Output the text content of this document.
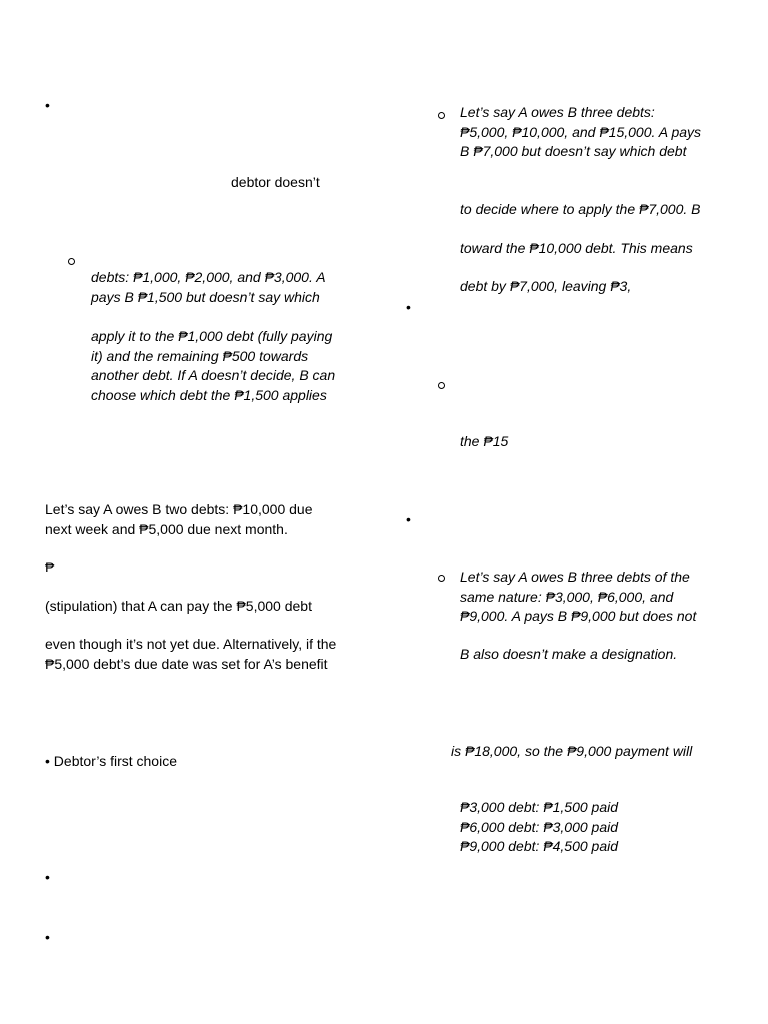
•
debtor doesn’t
debts: ₱1,000, ₱2,000, and ₱3,000. A
pays B ₱1,500 but doesn’t say which
apply it to the ₱1,000 debt (fully paying
it) and the remaining ₱500 towards
another debt. If A doesn’t decide, B can
choose which debt the ₱1,500 applies
Let’s say A owes B two debts: ₱10,000 due
next week and ₱5,000 due next month.
₱
(stipulation) that A can pay the ₱5,000 debt
even though it’s not yet due. Alternatively, if the
₱5,000 debt’s due date was set for A’s benefit
• Debtor’s first choice
•
•
Let’s say A owes B three debts:
₱5,000, ₱10,000, and ₱15,000. A pays
B ₱7,000 but doesn’t say which debt
to decide where to apply the ₱7,000. B
toward the ₱10,000 debt. This means
debt by ₱7,000, leaving ₱3,
•
the ₱15
•
Let’s say A owes B three debts of the
same nature: ₱3,000, ₱6,000, and
₱9,000. A pays B ₱9,000 but does not
B also doesn’t make a designation.
is ₱18,000, so the ₱9,000 payment will
₱3,000 debt: ₱1,500 paid
₱6,000 debt: ₱3,000 paid
₱9,000 debt: ₱4,500 paid
